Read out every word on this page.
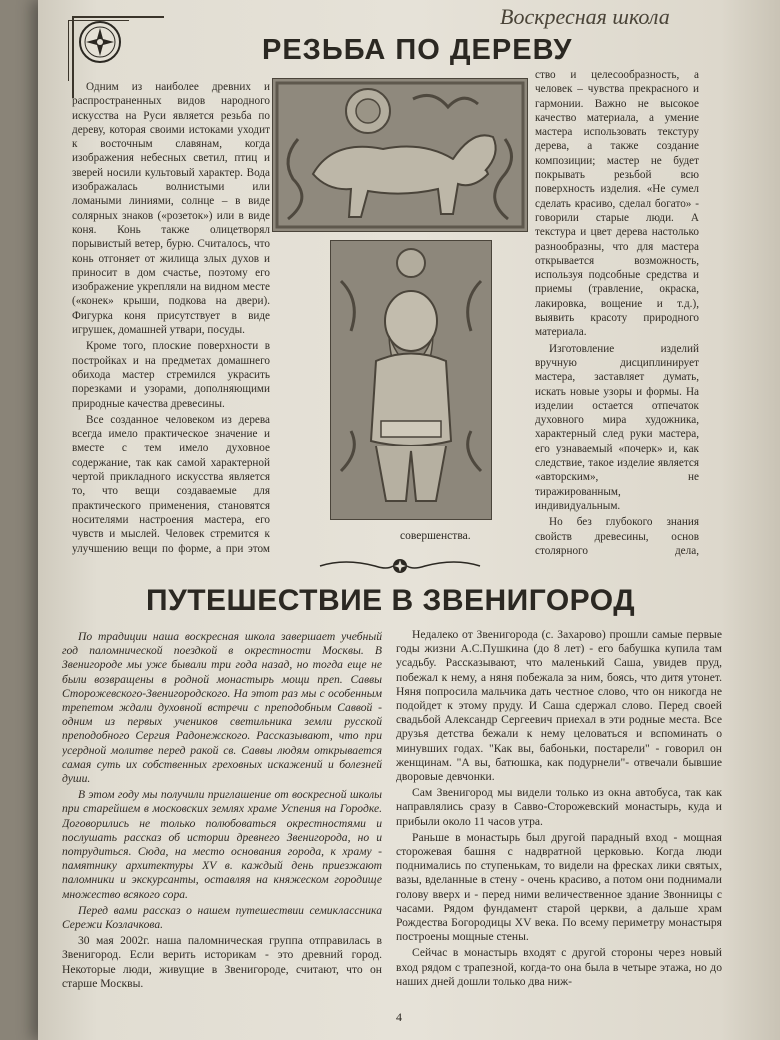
Воскресная школа
РЕЗЬБА ПО ДЕРЕВУ

Одним из наиболее древних и распространенных видов народного искусства на Руси является резьба по дереву, которая своими истоками уходит к восточным славянам, когда изображения небесных светил, птиц и зверей носили культовый характер. Вода изображалась волнистыми или ломаными линиями, солнце – в виде солярных знаков («розеток») или в виде коня. Конь также олицетворял порывистый ветер, бурю. Считалось, что конь отгоняет от жилища злых духов и приносит в дом счастье, поэтому его изображение укрепляли на видном месте («конек» крыши, подкова на двери). Фигурка коня присутствует в виде игрушек, домашней утвари, посуды.

Кроме того, плоские поверхности в постройках и на предметах домашнего обихода мастер стремился украсить порезками и узорами, дополняющими природные качества древесины.

Все созданное человеком из дерева всегда имело практическое значение и вместе с тем имело духовное содержание, так как самой характерной чертой прикладного искусства является то, что вещи создаваемые для практического применения, становятся носителями настроения мастера, его чувств и мыслей. Человек стремится к улучшению вещи по форме, а при этом

ство и целесообразность, а человек – чувства прекрасного и гармонии. Важно не высокое качество материала, а умение мастера использовать текстуру дерева, а также создание композиции; мастер не будет покрывать резьбой всю поверхность изделия. «Не сумел сделать красиво, сделал богато» - говорили старые люди. А текстура и цвет дерева настолько разнообразны, что для мастера открывается возможность, используя подсобные средства и приемы (травление, окраска, лакировка, вощение и т.д.), выявить красоту природного материала.

Изготовление изделий вручную дисциплинирует мастера, заставляет думать, искать новые узоры и формы. На изделии остается отпечаток духовного мира художника, характерный след руки мастера, его узнаваемый «почерк» и, как следствие, такое изделие является «авторским», не тиражированным, индивидуальным.

Но без глубокого знания свойств древесины, основ столярного дела,

совершенства.
ПУТЕШЕСТВИЕ В ЗВЕНИГОРОД

По традиции наша воскресная школа завершает учебный год паломнической поездкой в окрестности Москвы. В Звенигороде мы уже бывали три года назад, но тогда еще не были возвращены в родной монастырь мощи преп. Саввы Сторожевского-Звенигородского. На этот раз мы с особенным трепетом ждали духовной встречи с преподобным Саввой - одним из первых учеников светильника земли русской преподобного Сергия Радонежского. Рассказывают, что при усердной молитве перед ракой св. Саввы людям открывается самая суть их собственных греховных искажений и болезней души.

В этом году мы получили приглашение от воскресной школы при старейшем в московских землях храме Успения на Городке. Договорились не только полюбоваться окрестностями и послушать рассказ об истории древнего Звенигорода, но и потрудиться. Сюда, на место основания города, к храму - памятнику архитектуры XV в. каждый день приезжают паломники и экскурсанты, оставляя на княжеском городище множество всякого сора.

Перед вами рассказ о нашем путешествии семиклассника Сережи Козлачкова.

30 мая 2002г. наша паломническая группа отправилась в Звенигород. Если верить историкам - это древний город. Некоторые люди, живущие в Звенигороде, считают, что он старше Москвы.

Недалеко от Звенигорода (с. Захарово) прошли самые первые годы жизни А.С.Пушкина (до 8 лет) - его бабушка купила там усадьбу. Рассказывают, что маленький Саша, увидев пруд, побежал к нему, а няня побежала за ним, боясь, что дитя утонет. Няня попросила мальчика дать честное слово, что он никогда не подойдет к этому пруду. И Саша сдержал слово. Перед своей свадьбой Александр Сергеевич приехал в эти родные места. Все друзья детства бежали к нему целоваться и вспоминать о минувших годах. "Как вы, бабоньки, постарели" - говорил он женщинам. "А вы, батюшка, как подурнели"- отвечали бывшие дворовые девчонки.

Сам Звенигород мы видели только из окна автобуса, так как направлялись сразу в Савво-Сторожевский монастырь, куда и прибыли около 11 часов утра.

Раньше в монастырь был другой парадный вход - мощная сторожевая башня с надвратной церковью. Когда люди поднимались по ступенькам, то видели на фресках лики святых, вазы, вделанные в стену - очень красиво, а потом они поднимали голову вверх и - перед ними величественное здание Звонницы с часами. Рядом фундамент старой церкви, а дальше храм Рождества Богородицы XV века. По всему периметру монастыря построены мощные стены.

Сейчас в монастырь входят с другой стороны через новый вход рядом с трапезной, когда-то она была в четыре этажа, но до наших дней дошли только два ниж-

4
